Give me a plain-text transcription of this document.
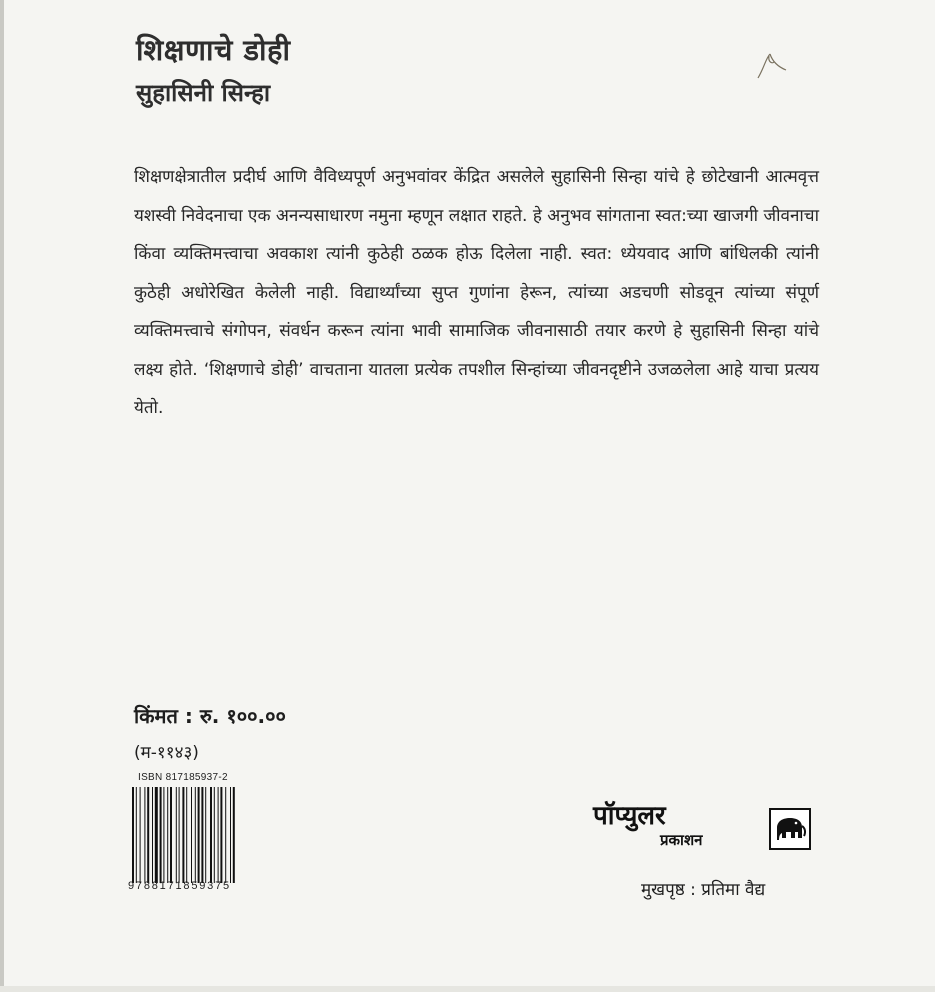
शिक्षणाचे डोही
सुहासिनी सिन्हा

शिक्षणक्षेत्रातील प्रदीर्घ आणि वैविध्यपूर्ण अनुभवांवर केंद्रित असलेले सुहासिनी सिन्हा यांचे हे छोटेखानी आत्मवृत्त यशस्वी निवेदनाचा एक अनन्यसाधारण नमुना म्हणून लक्षात राहते. हे अनुभव सांगताना स्वत:च्या खाजगी जीवनाचा किंवा व्यक्तिमत्त्वाचा अवकाश त्यांनी कुठेही ठळक होऊ दिलेला नाही. स्वत: ध्येयवाद आणि बांधिलकी त्यांनी कुठेही अधोरेखित केलेली नाही. विद्यार्थ्यांच्या सुप्त गुणांना हेरून, त्यांच्या अडचणी सोडवून त्यांच्या संपूर्ण व्यक्तिमत्त्वाचे संगोपन, संवर्धन करून त्यांना भावी सामाजिक जीवनासाठी तयार करणे हे सुहासिनी सिन्हा यांचे लक्ष्य होते. ‘शिक्षणाचे डोही’ वाचताना यातला प्रत्येक तपशील सिन्हांच्या जीवनदृष्टीने उजळलेला आहे याचा प्रत्यय येतो.

किंमत : रु. १००.००
(म-११४३)
ISBN 817185937-2
9788171859375
पॉप्युलर
प्रकाशन
मुखपृष्ठ : प्रतिमा वैद्य
